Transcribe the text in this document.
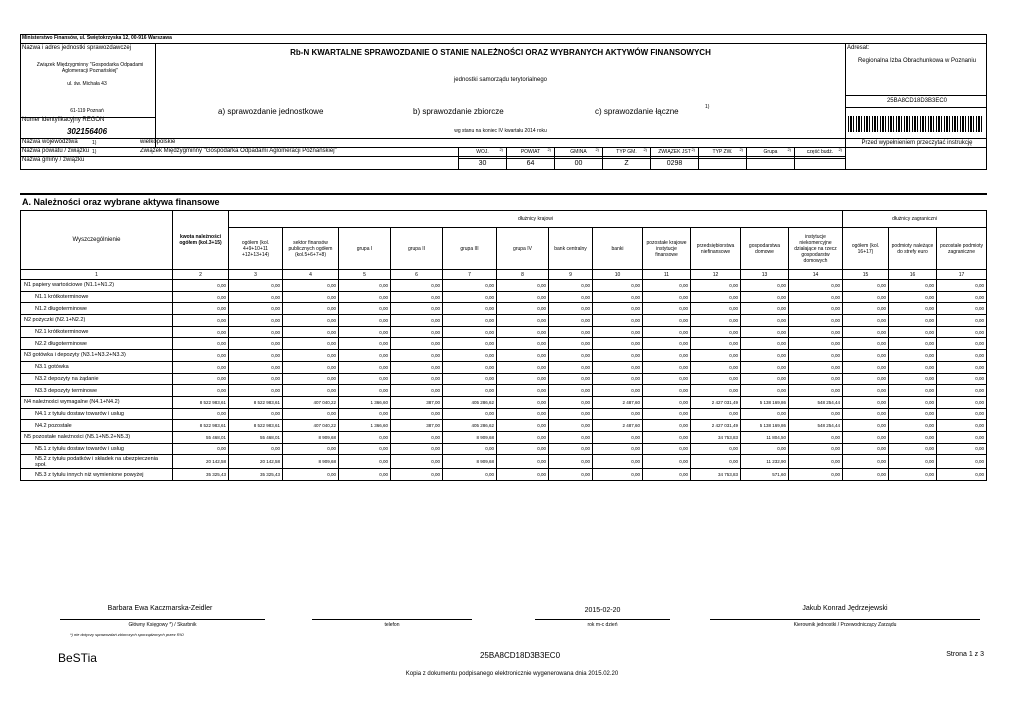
Ministerstwo Finansów, ul. Świętokrzyska 12, 00-916 Warszawa
Nazwa i adres jednostki sprawozdawczej
Związek Międzygminny "Gospodarka Odpadami Aglomeracji Poznańskiej"
ul. św. Michała 43
61-119 Poznań
Numer identyfikacyjny REGON
302156406
Rb-N KWARTALNE SPRAWOZDANIE O STANIE NALEŻNOŚCI ORAZ WYBRANYCH AKTYWÓW FINANSOWYCH
jednostki samorządu terytorialnego
a) sprawozdanie jednostkowe	b) sprawozdanie zbiorcze	c) sprawozdanie łączne	1)
wg stanu na koniec IV kwartału 2014 roku
Adresat:
Regionalna Izba Obrachunkowa w Poznaniu
25BA8CD18D3B3EC0
Przed wypełnieniem przeczytać instrukcję
Nazwa województwa	1)	wielkopolskie
Nazwa powiatu / związku 1)	Związek Międzygminny "Gospodarka Odpadami Aglomeracji Poznańskiej"
Nazwa gminy / związku
WOJ.	2)
30
POWIAT	2)
64
GMINA	2)
00
TYP GM.	2)
Z
ZWIĄZEK JST 2)
0298
TYP ZW.	2)	Grupa	2)	część budż.	2)
A. Należności oraz wybrane aktywa finansowe
Wyszczególnienie	kwota należności ogółem (kol.3+15)	dłużnicy krajowi												dłużnicy zagraniczni		
		ogółem (kol. 4+9+10+11 +12+13+14)	sektor finansów publicznych ogółem (kol.5+6+7+8)	grupa I	grupa II	grupa III	grupa IV	bank centralny	banki	pozostałe krajowe instytucje finansowe	przedsiębiorstwa niefinansowe	gospodarstwa domowe	instytucje niekomercyjne działające na rzecz gospodarstw domowych	ogółem (kol. 16+17)	podmioty należące do strefy euro	pozostałe podmioty zagraniczne
1	2	3	4	5	6	7	8	9	10	11	12	13	14	15	16	17
N1 papiery wartościowe (N1.1+N1.2)	0,00	0,00	0,00	0,00	0,00	0,00	0,00	0,00	0,00	0,00	0,00	0,00	0,00	0,00	0,00	0,00
N1.1 krótkoterminowe	0,00	0,00	0,00	0,00	0,00	0,00	0,00	0,00	0,00	0,00	0,00	0,00	0,00	0,00	0,00	0,00
N1.2 długoterminowe	0,00	0,00	0,00	0,00	0,00	0,00	0,00	0,00	0,00	0,00	0,00	0,00	0,00	0,00	0,00	0,00
N2 pożyczki (N2.1+N2.2)	0,00	0,00	0,00	0,00	0,00	0,00	0,00	0,00	0,00	0,00	0,00	0,00	0,00	0,00	0,00	0,00
N2.1 krótkoterminowe	0,00	0,00	0,00	0,00	0,00	0,00	0,00	0,00	0,00	0,00	0,00	0,00	0,00	0,00	0,00	0,00
N2.2 długoterminowe	0,00	0,00	0,00	0,00	0,00	0,00	0,00	0,00	0,00	0,00	0,00	0,00	0,00	0,00	0,00	0,00
N3 gotówka i depozyty (N3.1+N3.2+N3.3)	0,00	0,00	0,00	0,00	0,00	0,00	0,00	0,00	0,00	0,00	0,00	0,00	0,00	0,00	0,00	0,00
N3.1 gotówka	0,00	0,00	0,00	0,00	0,00	0,00	0,00	0,00	0,00	0,00	0,00	0,00	0,00	0,00	0,00	0,00
N3.2 depozyty na żądanie	0,00	0,00	0,00	0,00	0,00	0,00	0,00	0,00	0,00	0,00	0,00	0,00	0,00	0,00	0,00	0,00
N3.3 depozyty terminowe	0,00	0,00	0,00	0,00	0,00	0,00	0,00	0,00	0,00	0,00	0,00	0,00	0,00	0,00	0,00	0,00
N4 należności wymagalne (N4.1+N4.2)	8 522 983,61	8 522 983,61	407 040,22	1 366,60	387,00	405 286,62	0,00	0,00	2 487,60	0,00	2 427 031,49	5 138 169,86	548 254,44	0,00	0,00	0,00
N4.1 z tytułu dostaw towarów i usług	0,00	0,00	0,00	0,00	0,00	0,00	0,00	0,00	0,00	0,00	0,00	0,00	0,00	0,00	0,00	0,00
N4.2 pozostałe	8 522 983,61	8 522 983,61	407 040,22	1 366,60	387,00	405 286,62	0,00	0,00	2 487,60	0,00	2 427 031,49	5 138 169,86	548 254,44	0,00	0,00	0,00
N5 pozostałe należności (N5.1+N5.2+N5.3)	55 468,01	55 468,01	8 909,68	0,00	0,00	8 909,68	0,00	0,00	0,00	0,00	34 753,83	11 804,50	0,00	0,00	0,00	0,00
N5.1 z tytułu dostaw towarów i usług	0,00	0,00	0,00	0,00	0,00	0,00	0,00	0,00	0,00	0,00	0,00	0,00	0,00	0,00	0,00	0,00
N5.2 z tytułu podatków i składek na ubezpieczenia społ.	20 142,58	20 142,58	8 909,68	0,00	0,00	8 909,68	0,00	0,00	0,00	0,00	0,00	11 232,90	0,00	0,00	0,00	0,00
N5.3 z tytułu innych niż wymienione powyżej	35 325,43	35 325,43	0,00	0,00	0,00	0,00	0,00	0,00	0,00	0,00	34 753,83	571,60	0,00	0,00	0,00	0,00
Barbara Ewa Kaczmarska-Zeidler
Główny Księgowy *) / Skarbnik
*) nie dotyczy sprawozdań zbiorczych sporządzonych przez RIO
telefon
2015-02-20
rok m-c dzień
Jakub Konrad Jędrzejewski
Kierownik jednostki / Przewodniczący Zarządu
BeSTia	25BA8CD18D3B3EC0	Strona 1 z 3
Kopia z dokumentu podpisanego elektronicznie wygenerowana dnia 2015.02.20
